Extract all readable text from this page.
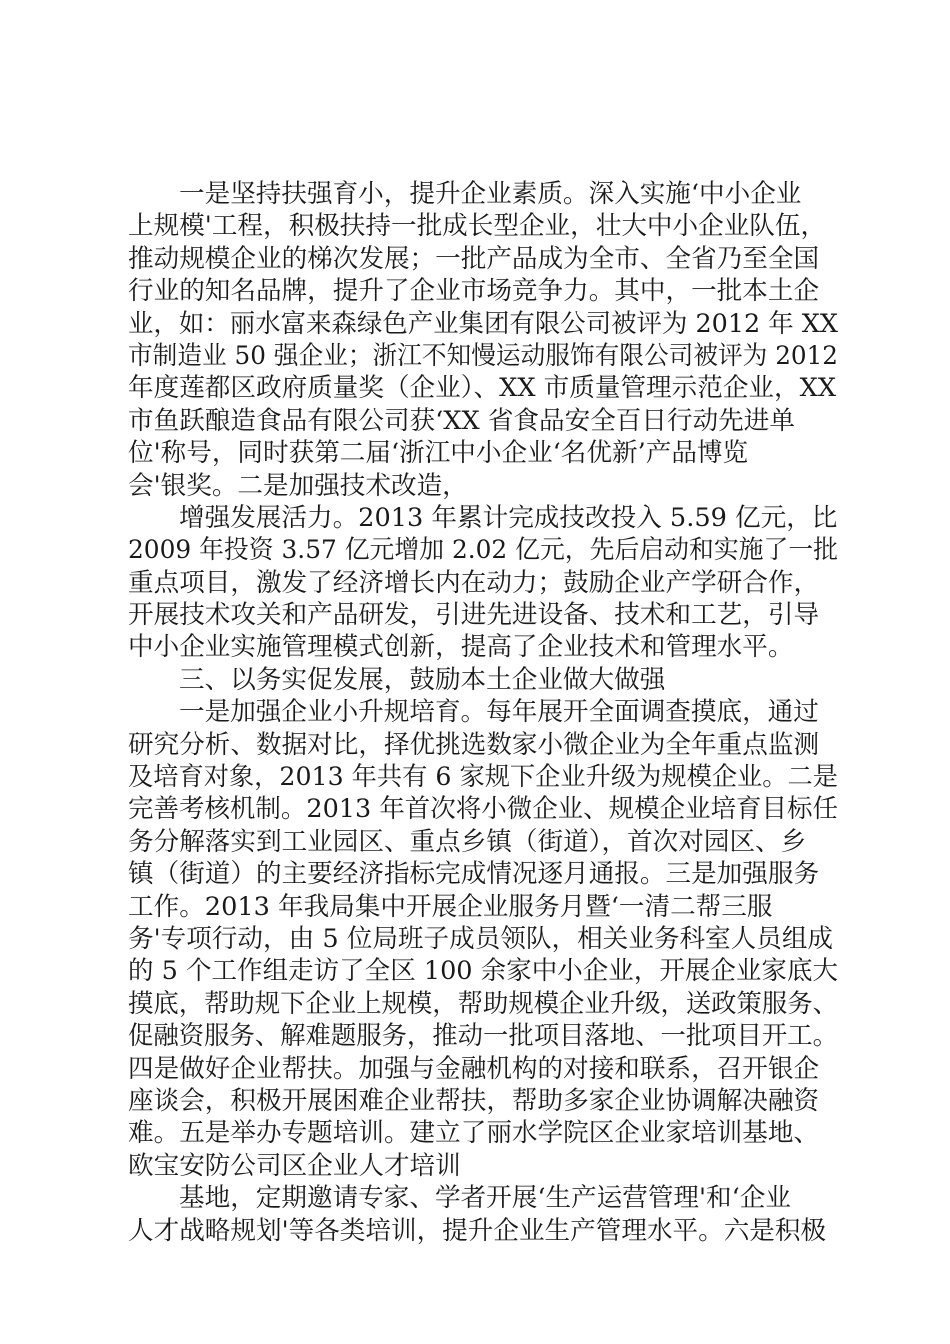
一是坚持扶强育小，提升企业素质。深入实施‘中小企业
上规模'工程，积极扶持一批成长型企业，壮大中小企业队伍，
推动规模企业的梯次发展；一批产品成为全市、全省乃至全国
行业的知名品牌，提升了企业市场竞争力。其中，一批本土企
业，如：丽水富来森绿色产业集团有限公司被评为 2012 年 XX
市制造业 50 强企业；浙江不知慢运动服饰有限公司被评为 2012
年度莲都区政府质量奖（企业）、XX 市质量管理示范企业，XX
市鱼跃酿造食品有限公司获‘XX 省食品安全百日行动先进单
位'称号，同时获第二届‘浙江中小企业‘名优新’产品博览
会'银奖。二是加强技术改造，
增强发展活力。2013 年累计完成技改投入 5.59 亿元，比
2009 年投资 3.57 亿元增加 2.02 亿元，先后启动和实施了一批
重点项目，激发了经济增长内在动力；鼓励企业产学研合作，
开展技术攻关和产品研发，引进先进设备、技术和工艺，引导
中小企业实施管理模式创新，提高了企业技术和管理水平。
三、以务实促发展，鼓励本土企业做大做强
一是加强企业小升规培育。每年展开全面调查摸底，通过
研究分析、数据对比，择优挑选数家小微企业为全年重点监测
及培育对象，2013 年共有 6 家规下企业升级为规模企业。二是
完善考核机制。2013 年首次将小微企业、规模企业培育目标任
务分解落实到工业园区、重点乡镇（街道），首次对园区、乡
镇（街道）的主要经济指标完成情况逐月通报。三是加强服务
工作。2013 年我局集中开展企业服务月暨‘一清二帮三服
务'专项行动，由 5 位局班子成员领队，相关业务科室人员组成
的 5 个工作组走访了全区 100 余家中小企业，开展企业家底大
摸底，帮助规下企业上规模，帮助规模企业升级，送政策服务、
促融资服务、解难题服务，推动一批项目落地、一批项目开工。
四是做好企业帮扶。加强与金融机构的对接和联系，召开银企
座谈会，积极开展困难企业帮扶，帮助多家企业协调解决融资
难。五是举办专题培训。建立了丽水学院区企业家培训基地、
欧宝安防公司区企业人才培训
基地，定期邀请专家、学者开展‘生产运营管理'和‘企业
人才战略规划'等各类培训，提升企业生产管理水平。六是积极
